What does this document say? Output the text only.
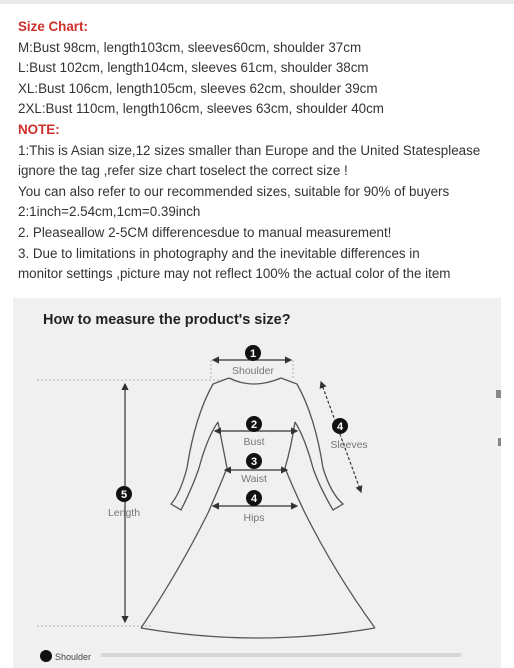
Size Chart:
M:Bust 98cm, length103cm, sleeves60cm, shoulder 37cm
L:Bust 102cm, length104cm, sleeves 61cm, shoulder 38cm
XL:Bust 106cm, length105cm, sleeves 62cm, shoulder 39cm
2XL:Bust 110cm, length106cm, sleeves 63cm, shoulder 40cm
NOTE:
1:This is Asian size,12 sizes smaller than Europe and the United Statesplease
ignore the tag ,refer size chart toselect the correct size !
You can also refer to our recommended sizes, suitable for 90% of buyers
2:1inch=2.54cm,1cm=0.39inch
2. Pleaseallow 2-5CM differencesdue to manual measurement!
3. Due to limitations in photography and the inevitable differences in
monitor settings ,picture may not reflect 100% the actual color of the item
How to measure the product's size?
1
Shoulder
2
Bust
3
Waist
4
Hips
4
Sleeves
5
Length
Shoulder
